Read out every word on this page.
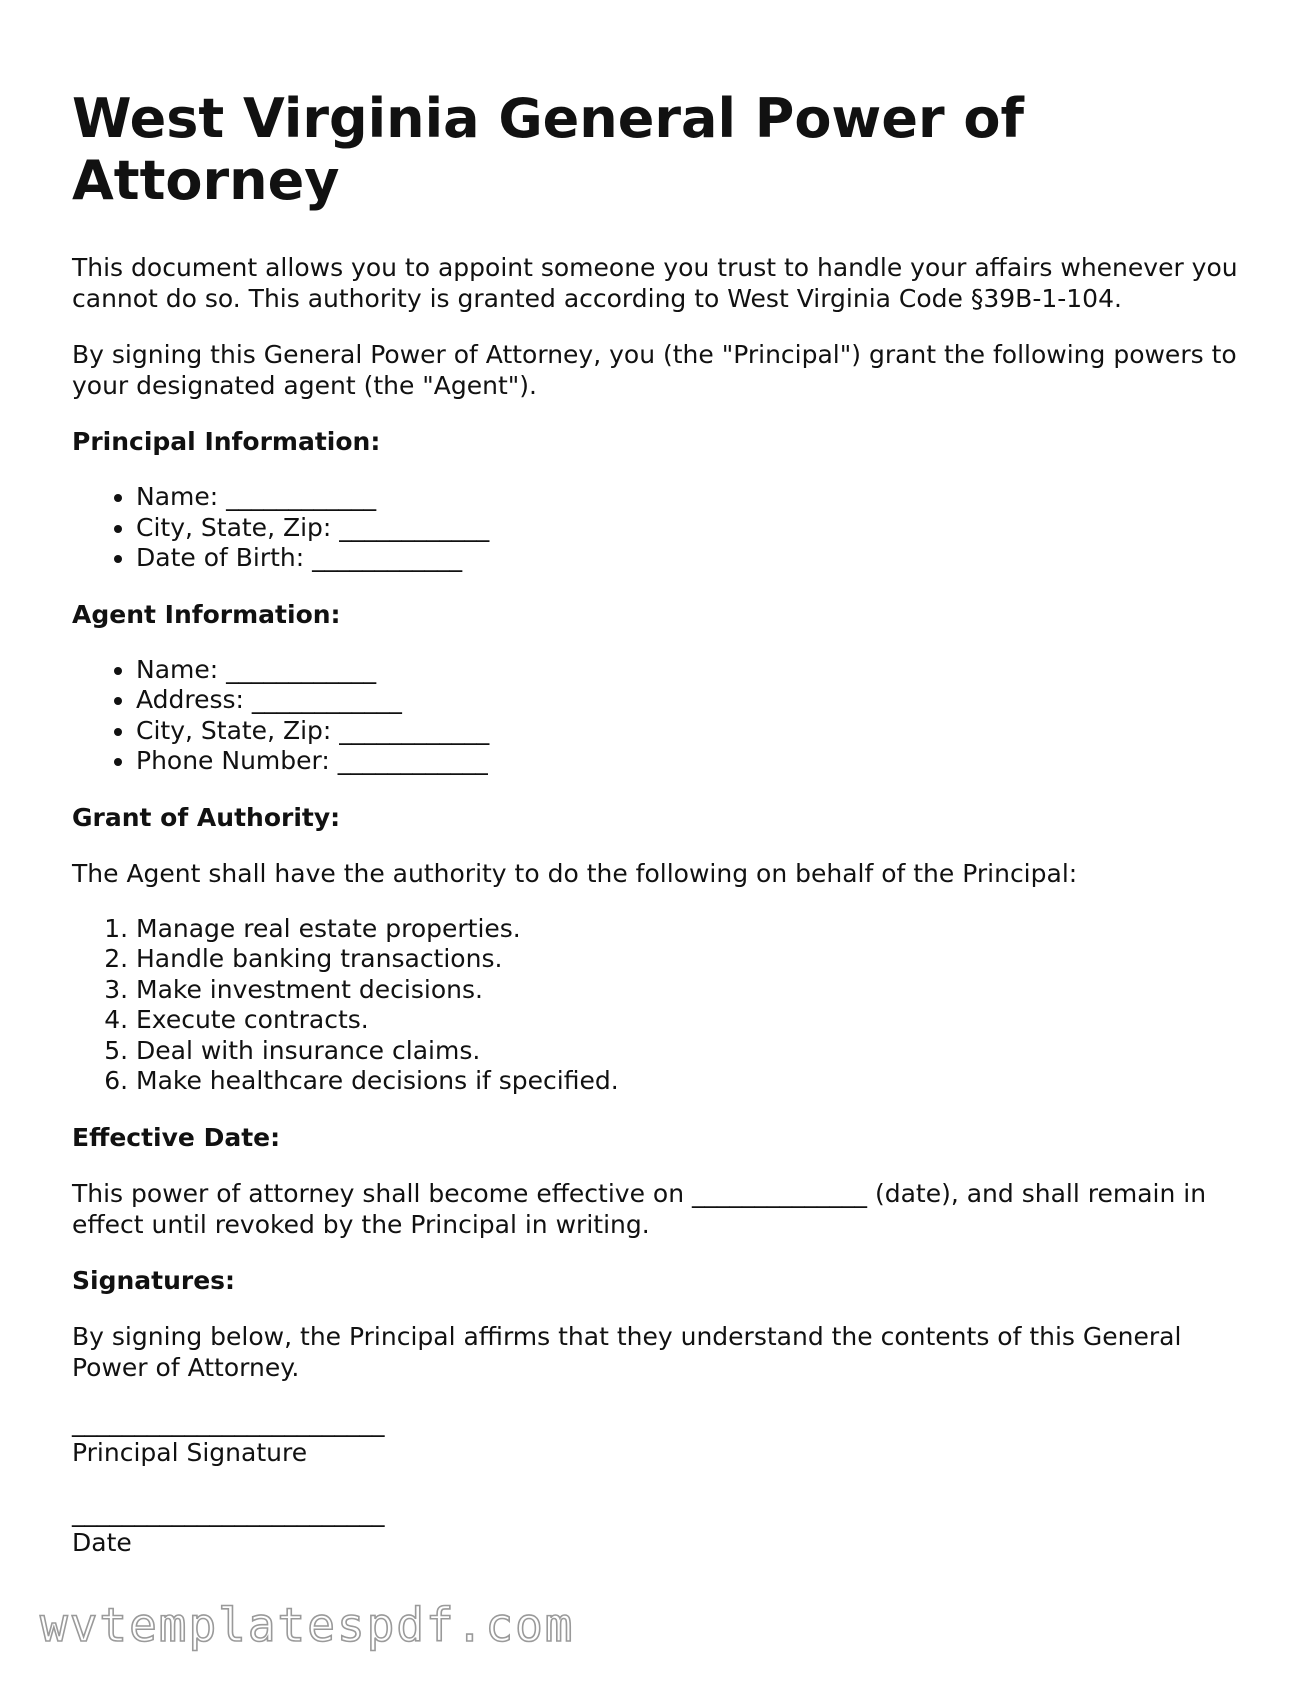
West Virginia General Power of Attorney

This document allows you to appoint someone you trust to handle your affairs whenever you cannot do so. This authority is granted according to West Virginia Code §39B-1-104.

By signing this General Power of Attorney, you (the "Principal") grant the following powers to your designated agent (the "Agent").

Principal Information:
• Name: ____________
• City, State, Zip: ____________
• Date of Birth: ____________
Agent Information:
• Name: ____________
• Address: ____________
• City, State, Zip: ____________
• Phone Number: ____________
Grant of Authority:

The Agent shall have the authority to do the following on behalf of the Principal:

1. Manage real estate properties.
2. Handle banking transactions.
3. Make investment decisions.
4. Execute contracts.
5. Deal with insurance claims.
6. Make healthcare decisions if specified.
Effective Date:

This power of attorney shall become effective on ______________ (date), and shall remain in effect until revoked by the Principal in writing.

Signatures:

By signing below, the Principal affirms that they understand the contents of this General Power of Attorney.

_________________________
Principal Signature
_________________________
Date
wvtemplatespdf.com
